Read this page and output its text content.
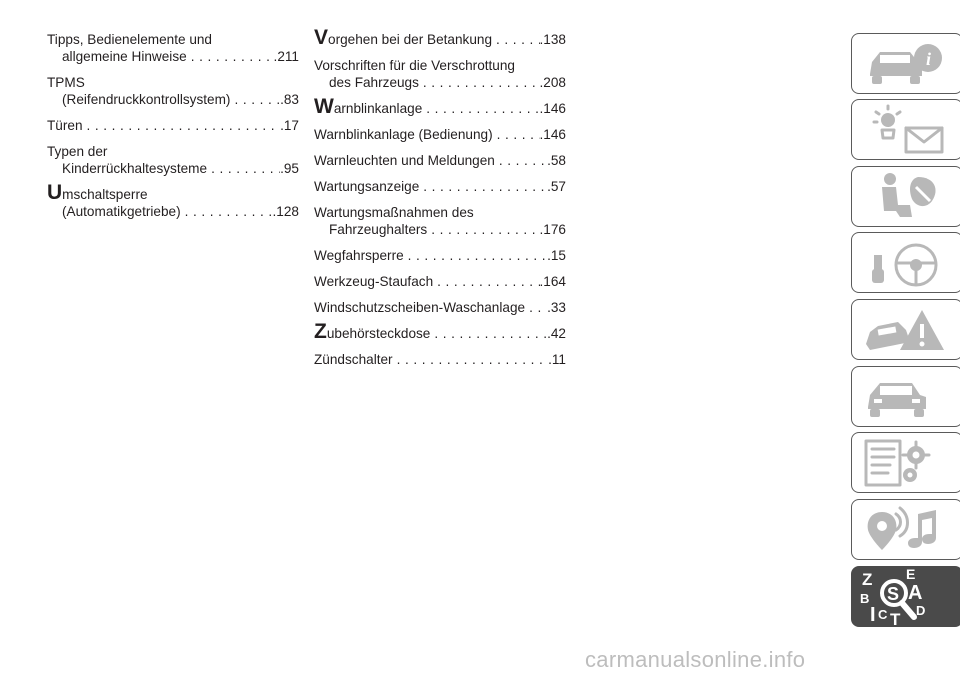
Tipps, Bedienelemente und
allgemeine Hinweise .....	.211
TPMS
(Reifendruckkontrollsystem) .....	.83
Türen .....	.17
Typen der
Kinderrückhaltesysteme .....	.95
U mschaltsperre
(Automatikgetriebe) .....	.128
V orgehen bei der Betankung .....	.138
Vorschriften für die Verschrottung
des Fahrzeugs .....	.208
W arnblinkanlage .....	.146
Warnblinkanlage (Bedienung) .....	.146
Warnleuchten und Meldungen .....	.58
Wartungsanzeige .....	.57
Wartungsmaßnahmen des
Fahrzeughalters .....	.176
Wegfahrsperre .....	.15
Werkzeug-Staufach .....	.164
Windschutzscheiben-Waschanlage ..... .33
Z ubehörsteckdose .....	.42
Zündschalter .....	.11
i
Z E
B A
D
C T
I
S
carmanualsonline.info
